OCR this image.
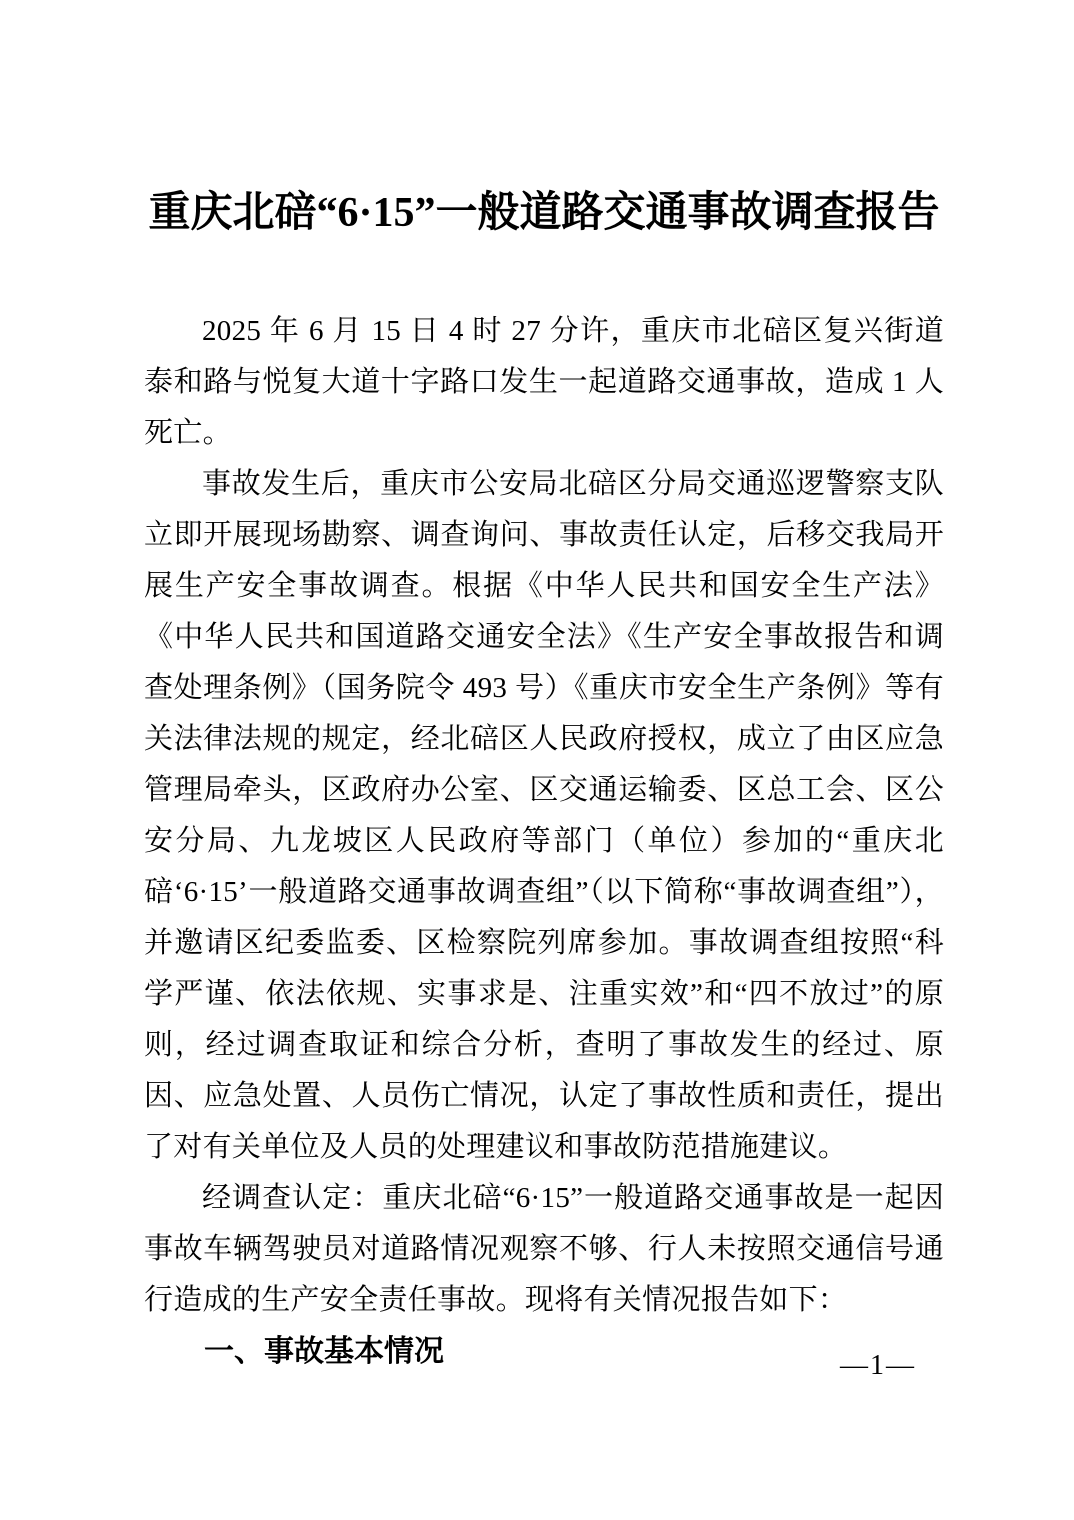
重庆北碚“6·15”一般道路交通事故调查报告

2025 年 6 月 15 日 4 时 27 分许，重庆市北碚区复兴街道泰和路与悦复大道十字路口发生一起道路交通事故，造成 1 人死亡。

事故发生后，重庆市公安局北碚区分局交通巡逻警察支队立即开展现场勘察、调查询问、事故责任认定，后移交我局开展生产安全事故调查。根据《中华人民共和国安全生产法》《中华人民共和国道路交通安全法》《生产安全事故报告和调查处理条例》（国务院令 493 号）《重庆市安全生产条例》等有关法律法规的规定，经北碚区人民政府授权，成立了由区应急管理局牵头，区政府办公室、区交通运输委、区总工会、区公安分局、九龙坡区人民政府等部门（单位）参加的“重庆北碚‘6·15’一般道路交通事故调查组”（以下简称“事故调查组”），并邀请区纪委监委、区检察院列席参加。事故调查组按照“科学严谨、依法依规、实事求是、注重实效”和“四不放过”的原则，经过调查取证和综合分析，查明了事故发生的经过、原因、应急处置、人员伤亡情况，认定了事故性质和责任，提出了对有关单位及人员的处理建议和事故防范措施建议。

经调查认定：重庆北碚“6·15”一般道路交通事故是一起因事故车辆驾驶员对道路情况观察不够、行人未按照交通信号通行造成的生产安全责任事故。现将有关情况报告如下：

一、事故基本情况	—1—
